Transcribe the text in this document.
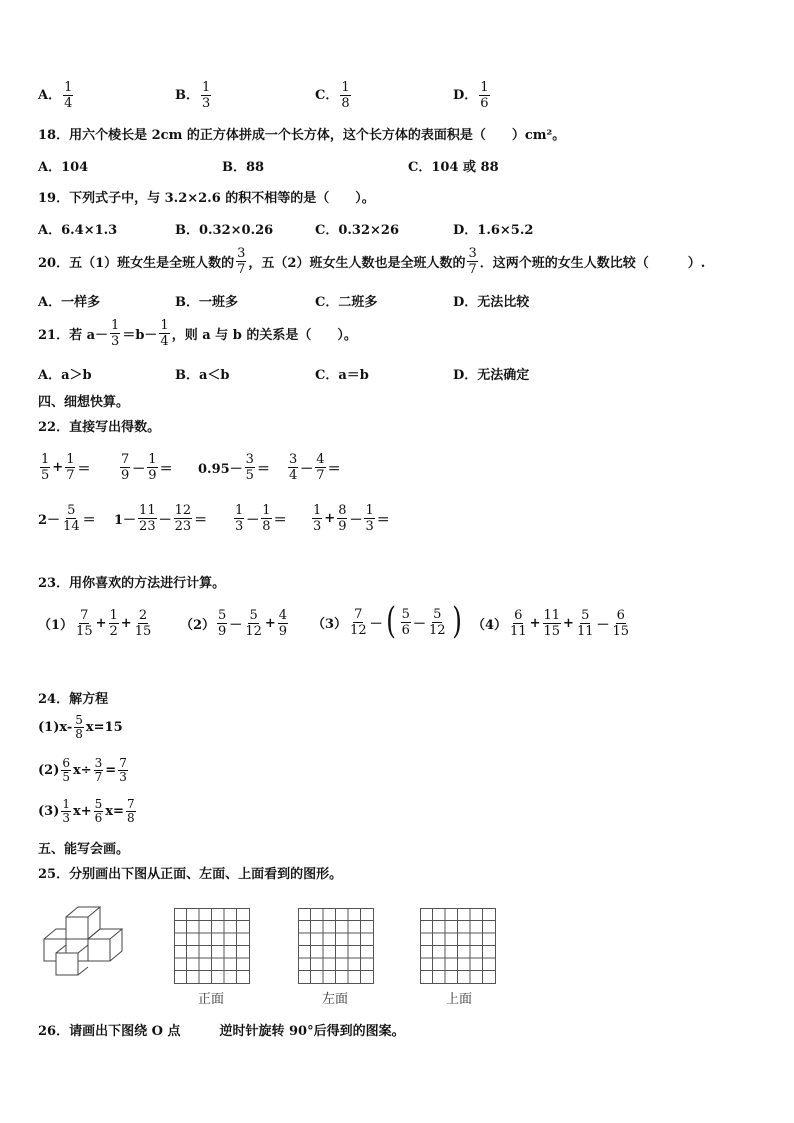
A． $\frac{1}{4}$	B． $\frac{1}{3}$	C． $\frac{1}{8}$	D． $\frac{1}{6}$
18．用六个棱长是 2cm 的正方体拼成一个长方体，这个长方体的表面积是（　　）cm²。
A．104	B．88	C．104 或 88
19．下列式子中，与 3.2×2.6 的积不相等的是（　　）。
A．6.4×1.3	B．0.32×0.26	C．0.32×26	D．1.6×5.2
20．五（1）班女生是全班人数的 $\frac{3}{7}$ ，五（2）班女生人数也是全班人数的 $\frac{3}{7}$ ．这两个班的女生人数比较（　　　）.
A．一样多	B．一班多	C．二班多	D．无法比较
21．若 $a- \frac{1}{3} =b- \frac{1}{4}$ ，则 a 与 b 的关系是（　　）。
A．a＞b	B．a＜b	C．a＝b	D．无法确定
四、细想快算。
22．直接写出得数。
$\frac{1}{5} + \frac{1}{7} = \frac{7}{9} - \frac{1}{9} = 0.95- \frac{3}{5} = \frac{3}{4} - \frac{4}{7}$ ＝
$2- \frac{5}{14} = 1- \frac{11}{23} - \frac{12}{23} = \frac{1}{3} - \frac{1}{8} = \frac{1}{3} + \frac{8}{9} - \frac{1}{3}$ ＝
23．用你喜欢的方法进行计算。
$(1) \frac{7}{15} + \frac{1}{2} + \frac{2}{15} (2) \frac{5}{9} - \frac{5}{12} + \frac{4}{9} (3) \frac{7}{12}$ － ( $\frac{5}{6} - \frac{5}{12}$ ) $(4) \frac{6}{11} + \frac{11}{15} + \frac{5}{11} - \frac{6}{15}$
24．解方程
$(1)x- \frac{5}{8} x=15$
$(2) \frac{6}{5} x\div \frac{3}{7} = \frac{7}{3}$
$(3) \frac{1}{3} x+ \frac{5}{6} x= \frac{7}{8}$
五、能写会画。
25．分别画出下图从正面、左面、上面看到的图形。
正面	左面	上面
26．请画出下图绕 O 点　　　逆时针旋转 90°后得到的图案。
